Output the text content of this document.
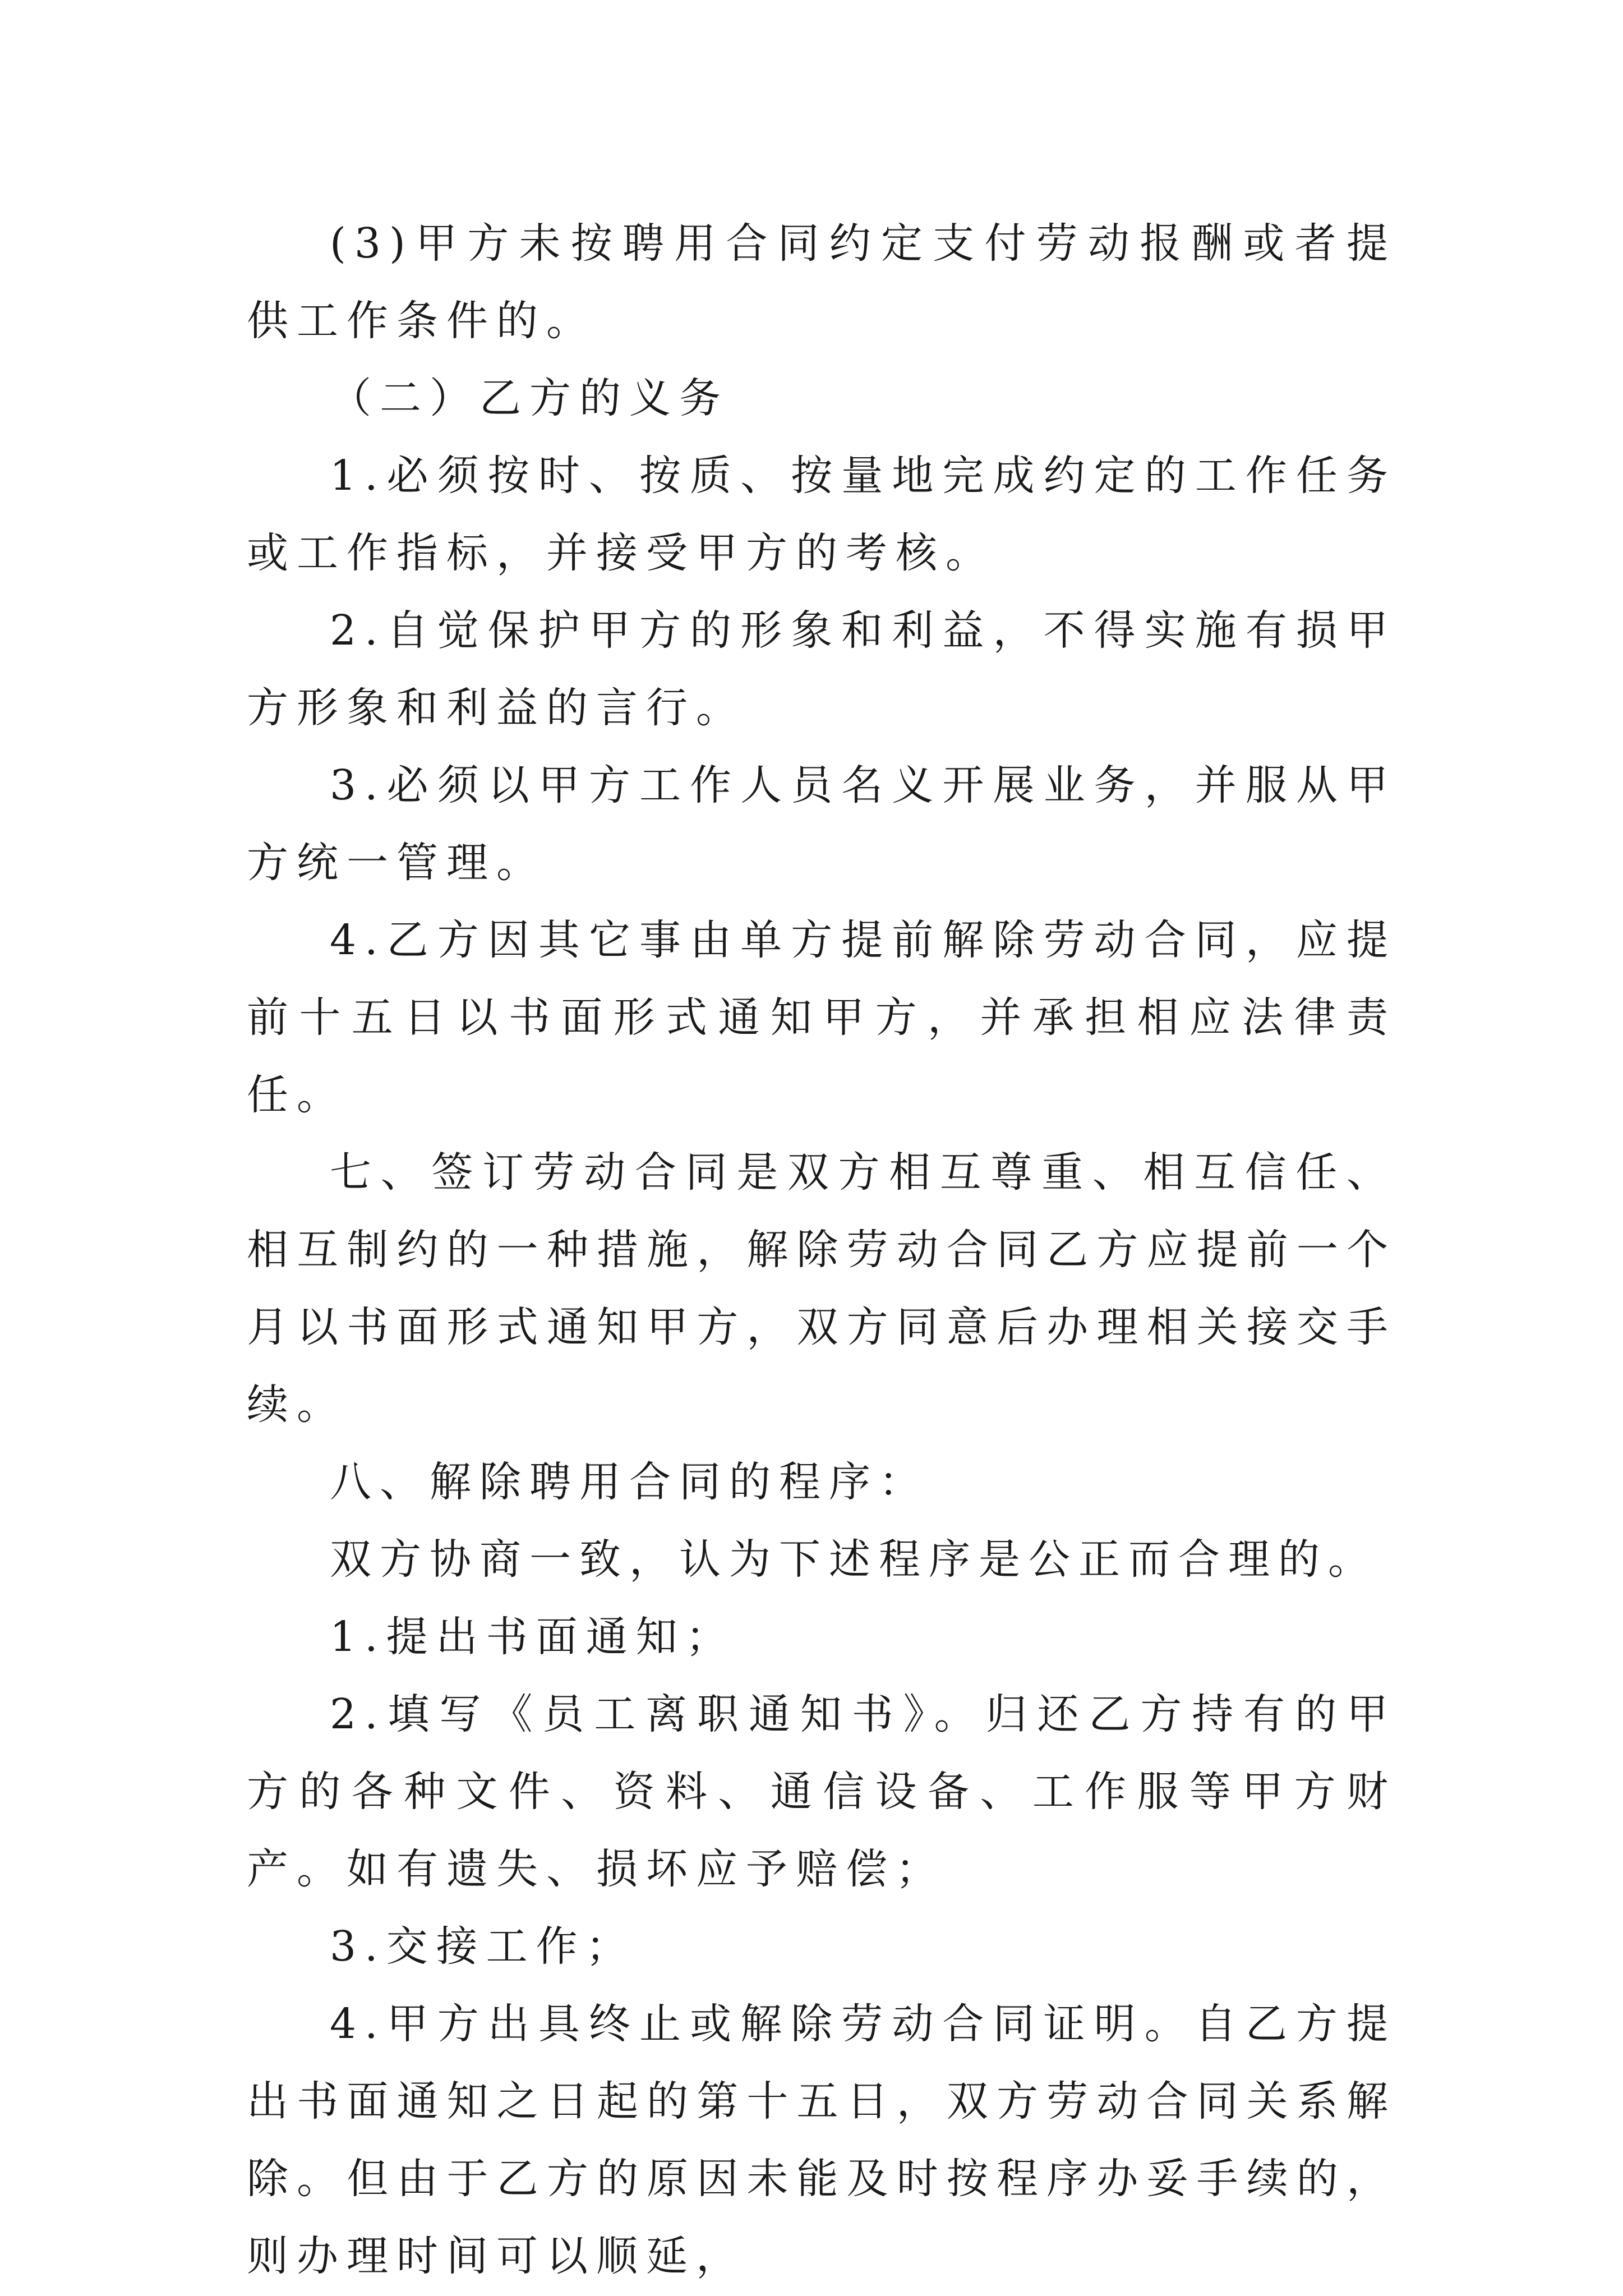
(3)甲方未按聘用合同约定支付劳动报酬或者提供工作条件的。

（二）乙方的义务

1.必须按时、按质、按量地完成约定的工作任务或工作指标，并接受甲方的考核。

2.自觉保护甲方的形象和利益，不得实施有损甲方形象和利益的言行。

3.必须以甲方工作人员名义开展业务，并服从甲方统一管理。

4.乙方因其它事由单方提前解除劳动合同，应提前十五日以书面形式通知甲方，并承担相应法律责任。

七、签订劳动合同是双方相互尊重、相互信任、相互制约的一种措施，解除劳动合同乙方应提前一个月以书面形式通知甲方，双方同意后办理相关接交手续。

八、解除聘用合同的程序：

双方协商一致，认为下述程序是公正而合理的。

1.提出书面通知；

2.填写《员工离职通知书》。归还乙方持有的甲方的各种文件、资料、通信设备、工作服等甲方财产。如有遗失、损坏应予赔偿；

3.交接工作；

4.甲方出具终止或解除劳动合同证明。自乙方提出书面通知之日起的第十五日，双方劳动合同关系解除。但由于乙方的原因未能及时按程序办妥手续的，则办理时间可以顺延，
